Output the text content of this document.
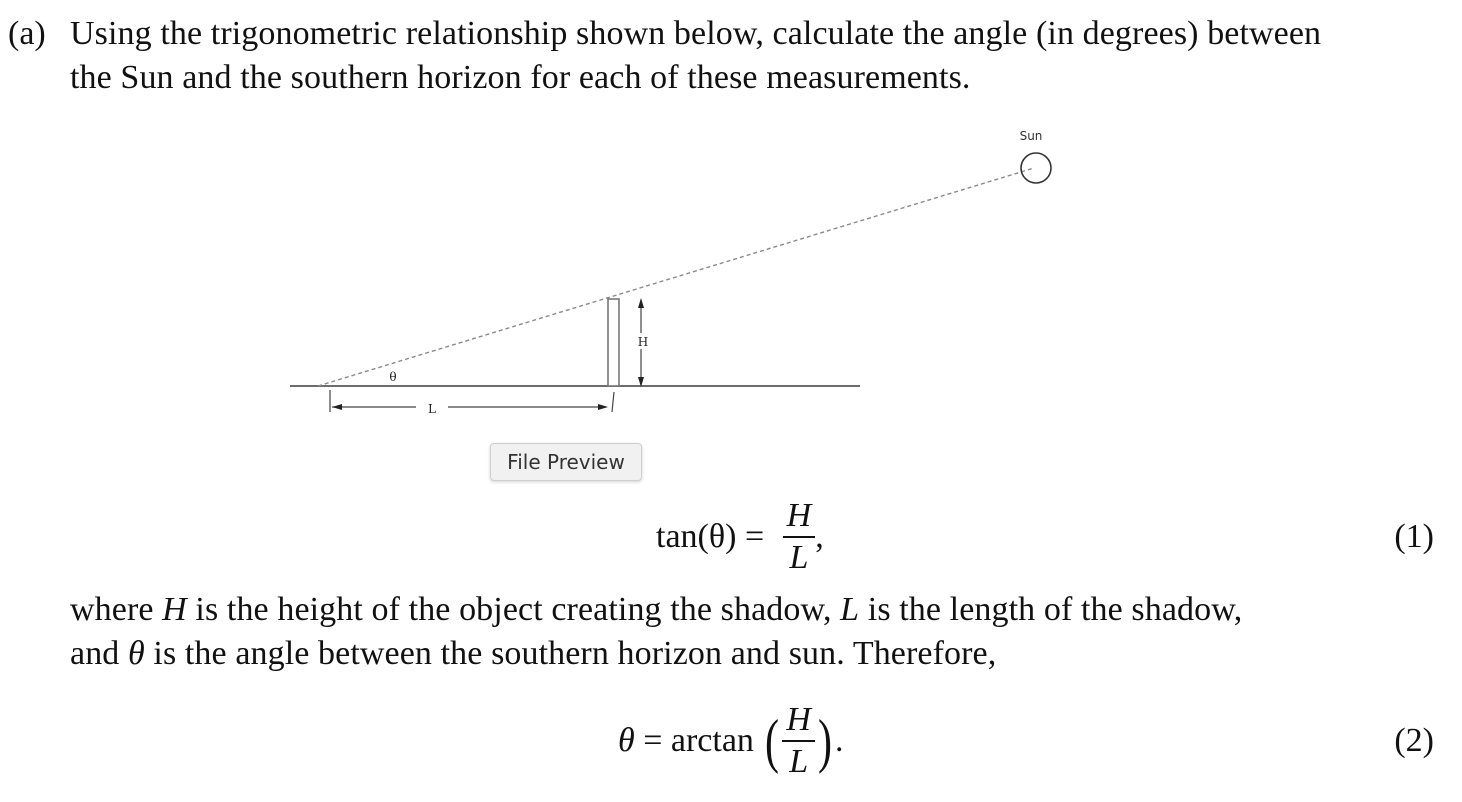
(a) Using the trigonometric relationship shown below, calculate the angle (in degrees) between
the Sun and the southern horizon for each of these measurements.
Sun
H
L
θ
File Preview
$\tan(\theta) = \frac{H}{L}$ ,	(1)
where H is the height of the object creating the shadow, L is the length of the shadow,
and θ is the angle between the southern horizon and sun. Therefore,
θ = arctan ( $\frac{H}{L}$ ).	(2)
